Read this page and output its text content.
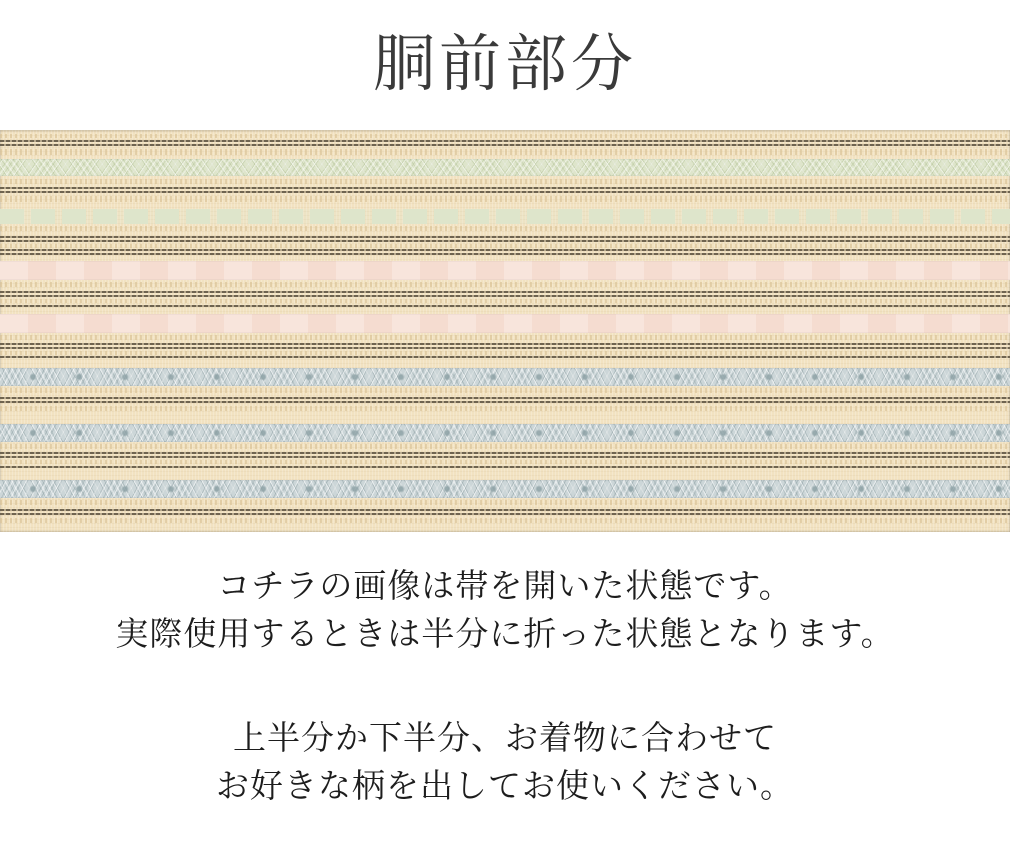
胴前部分

コチラの画像は帯を開いた状態です。

実際使用するときは半分に折った状態となります。

上半分か下半分、お着物に合わせて

お好きな柄を出してお使いください。
